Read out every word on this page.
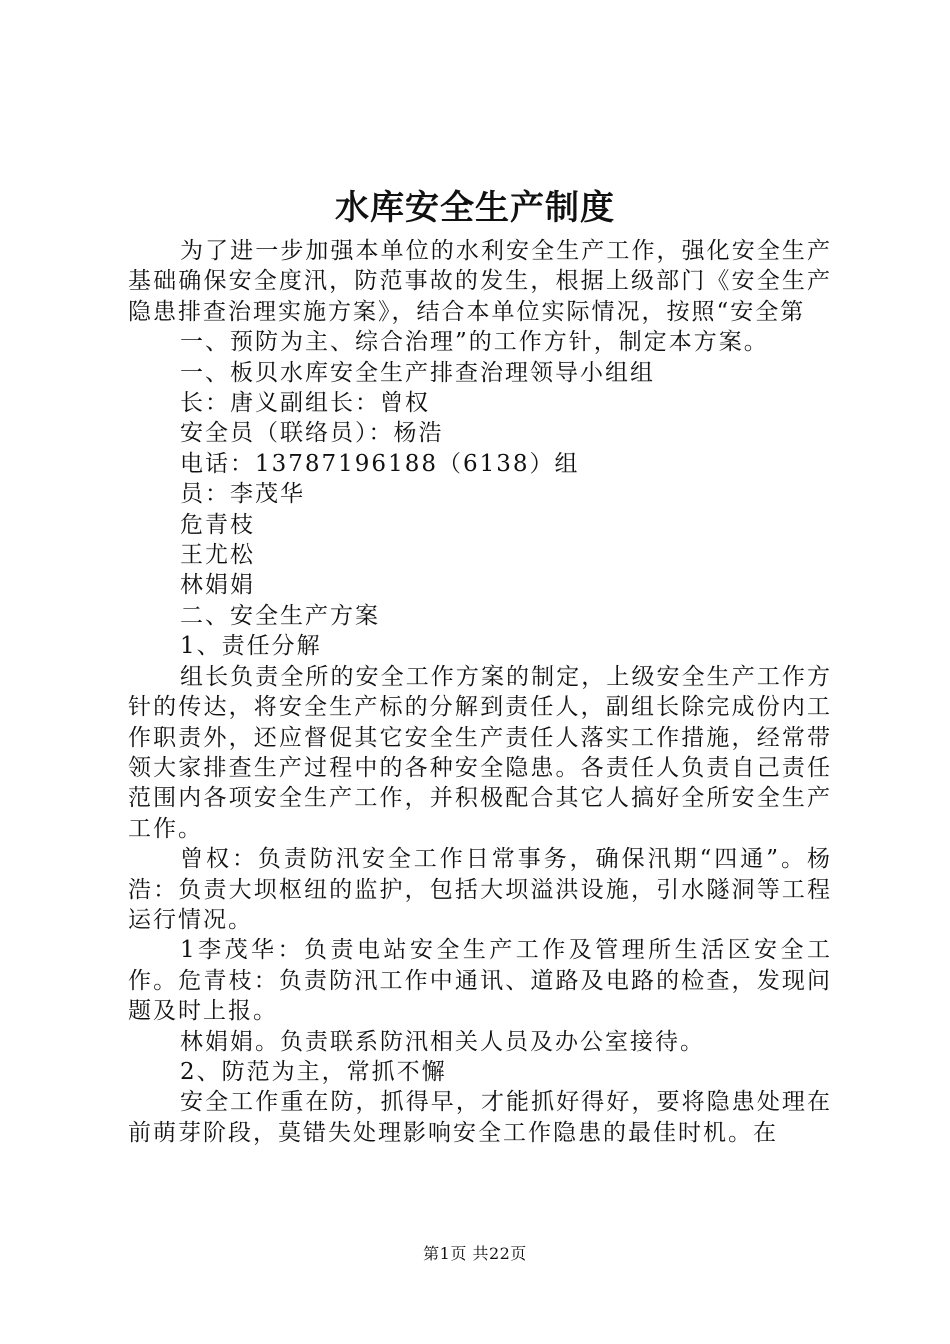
水库安全生产制度

为了进一步加强本单位的水利安全生产工作，强化安全生产基础确保安全度汛，防范事故的发生，根据上级部门《安全生产隐患排查治理实施方案》，结合本单位实际情况，按照“安全第

一、预防为主、综合治理”的工作方针，制定本方案。

一、板贝水库安全生产排查治理领导小组组

长：唐义副组长：曾权

安全员（联络员）：杨浩

电话：13787196188（6138）组

员：李茂华

危青枝

王尤松

林娟娟

二、安全生产方案

1、责任分解

组长负责全所的安全工作方案的制定，上级安全生产工作方针的传达，将安全生产标的分解到责任人，副组长除完成份内工作职责外，还应督促其它安全生产责任人落实工作措施，经常带领大家排查生产过程中的各种安全隐患。各责任人负责自己责任范围内各项安全生产工作，并积极配合其它人搞好全所安全生产工作。

曾权：负责防汛安全工作日常事务，确保汛期“四通”。杨浩：负责大坝枢纽的监护，包括大坝溢洪设施，引水隧洞等工程运行情况。

1李茂华：负责电站安全生产工作及管理所生活区安全工作。危青枝：负责防汛工作中通讯、道路及电路的检查，发现问题及时上报。

林娟娟。负责联系防汛相关人员及办公室接待。

2、防范为主，常抓不懈

安全工作重在防，抓得早，才能抓好得好，要将隐患处理在前萌芽阶段，莫错失处理影响安全工作隐患的最佳时机。在

第1页 共22页
